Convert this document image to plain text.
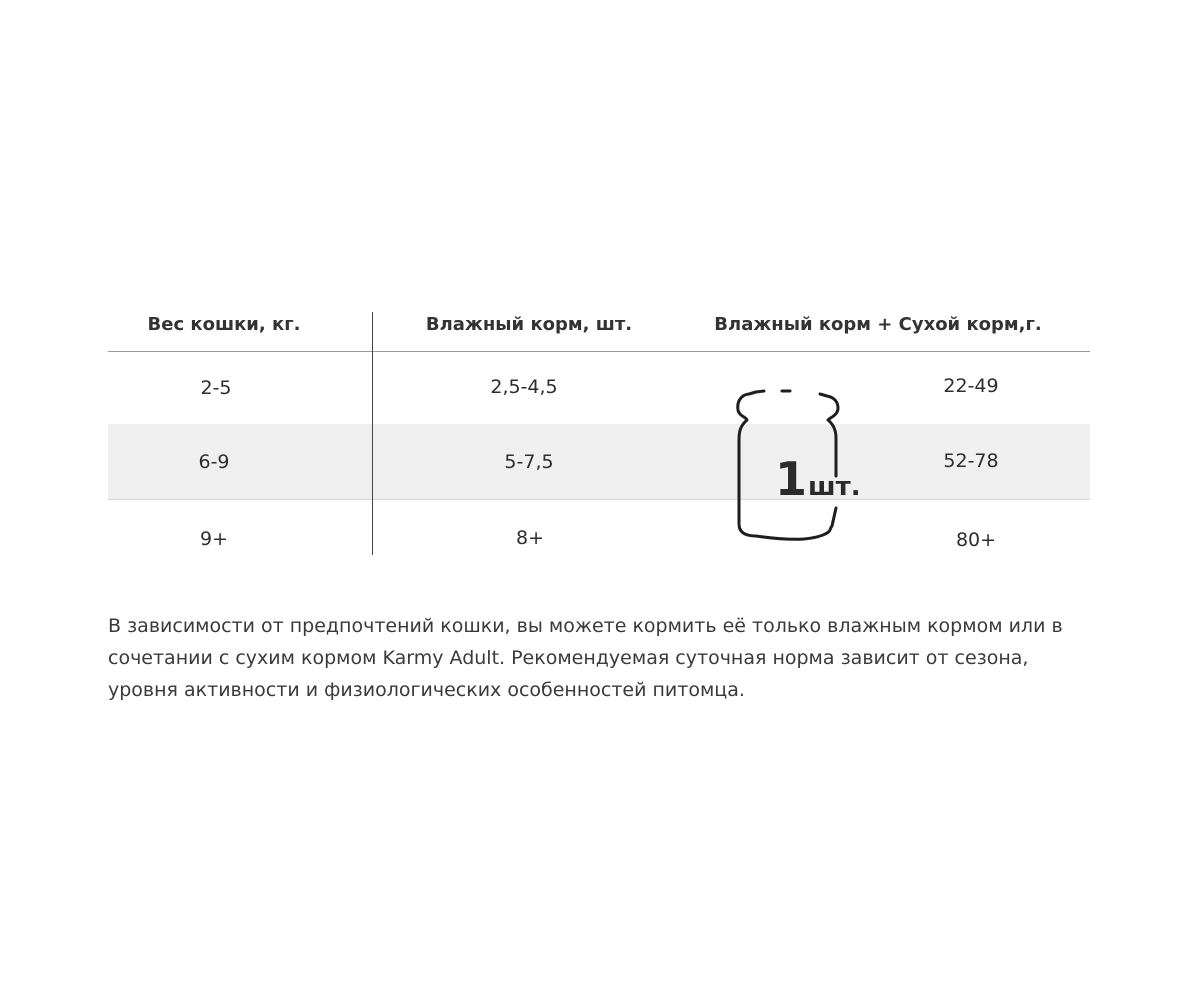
Вес кошки, кг.	Влажный корм, шт.	Влажный корм + Сухой корм,г.
2-5	2,5-4,5	22-49
6-9	5-7,5	52-78
9+	8+	80+
1шт.

В зависимости от предпочтений кошки, вы можете кормить её только влажным кормом или в сочетании с сухим кормом Karmy Adult. Рекомендуемая суточная норма зависит от сезона, уровня активности и физиологических особенностей питомца.
